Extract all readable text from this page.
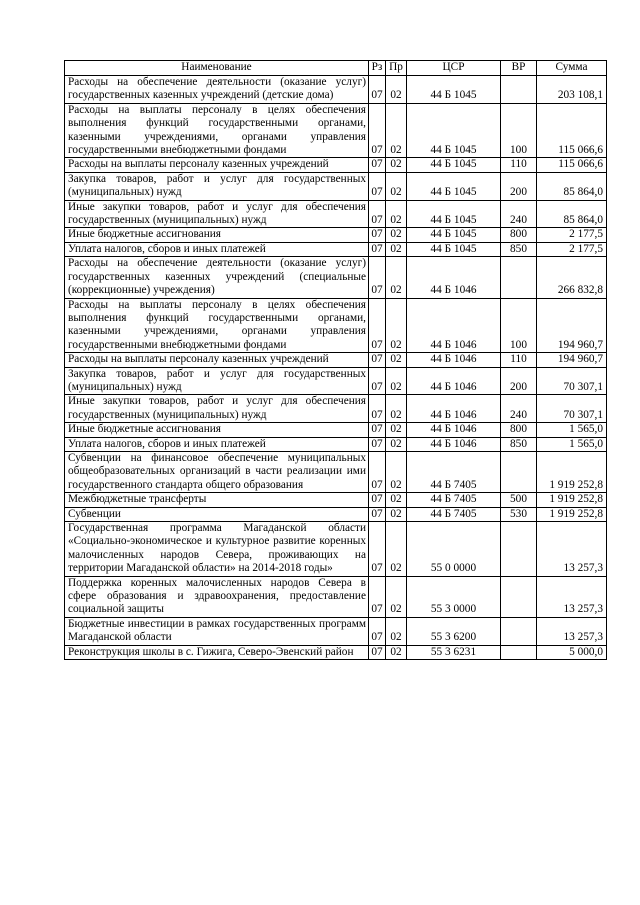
Наименование	Рз	Пр	ЦСР	ВР	Сумма
Расходы на обеспечение деятельности (оказание услуг) государственных казенных учреждений (детские дома)	07	02	44 Б 1045		203 108,1
Расходы на выплаты персоналу в целях обеспечения выполнения функций государственными органами, казенными учреждениями, органами управления государственными внебюджетными фондами	07	02	44 Б 1045	100	115 066,6
Расходы на выплаты персоналу казенных учреждений	07	02	44 Б 1045	110	115 066,6
Закупка товаров, работ и услуг для государственных (муниципальных) нужд	07	02	44 Б 1045	200	85 864,0
Иные закупки товаров, работ и услуг для обеспечения государственных (муниципальных) нужд	07	02	44 Б 1045	240	85 864,0
Иные бюджетные ассигнования	07	02	44 Б 1045	800	2 177,5
Уплата налогов, сборов и иных платежей	07	02	44 Б 1045	850	2 177,5
Расходы на обеспечение деятельности (оказание услуг) государственных казенных учреждений (специальные (коррекционные) учреждения)	07	02	44 Б 1046		266 832,8
Расходы на выплаты персоналу в целях обеспечения выполнения функций государственными органами, казенными учреждениями, органами управления государственными внебюджетными фондами	07	02	44 Б 1046	100	194 960,7
Расходы на выплаты персоналу казенных учреждений	07	02	44 Б 1046	110	194 960,7
Закупка товаров, работ и услуг для государственных (муниципальных) нужд	07	02	44 Б 1046	200	70 307,1
Иные закупки товаров, работ и услуг для обеспечения государственных (муниципальных) нужд	07	02	44 Б 1046	240	70 307,1
Иные бюджетные ассигнования	07	02	44 Б 1046	800	1 565,0
Уплата налогов, сборов и иных платежей	07	02	44 Б 1046	850	1 565,0
Субвенции на финансовое обеспечение муниципальных общеобразовательных организаций в части реализации ими государственного стандарта общего образования	07	02	44 Б 7405		1 919 252,8
Межбюджетные трансферты	07	02	44 Б 7405	500	1 919 252,8
Субвенции	07	02	44 Б 7405	530	1 919 252,8
Государственная программа Магаданской области «Социально-экономическое и культурное развитие коренных малочисленных народов Севера, проживающих на территории Магаданской области» на 2014-2018 годы»	07	02	55 0 0000		13 257,3
Поддержка коренных малочисленных народов Севера в сфере образования и здравоохранения, предоставление социальной защиты	07	02	55 3 0000		13 257,3
Бюджетные инвестиции в рамках государственных программ Магаданской области	07	02	55 3 6200		13 257,3
Реконструкция школы в с. Гижига, Северо-Эвенский район	07	02	55 3 6231		5 000,0
